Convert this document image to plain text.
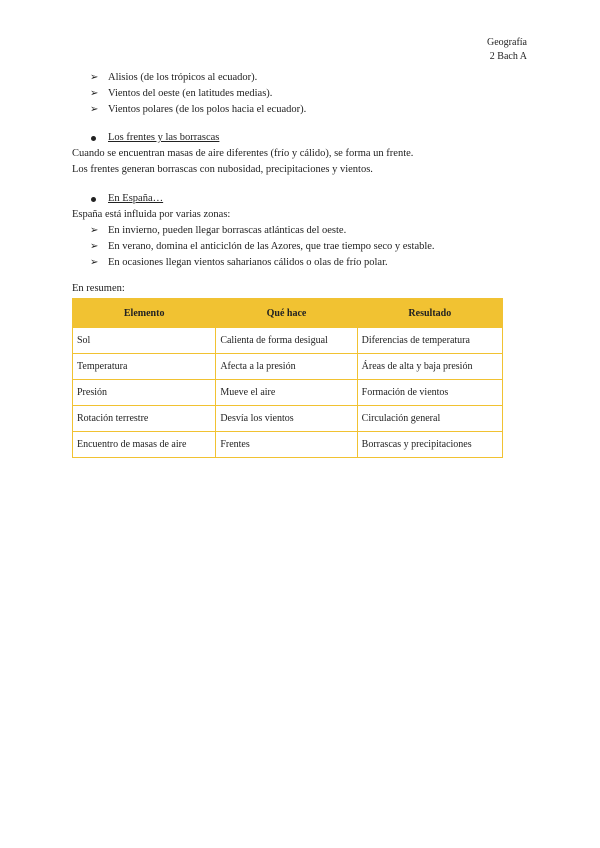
Geografía
2 Bach A
➢ Alisios (de los trópicos al ecuador).
➢ Vientos del oeste (en latitudes medias).
➢ Vientos polares (de los polos hacia el ecuador).
Los frentes y las borrascas

Cuando se encuentran masas de aire diferentes (frío y cálido), se forma un frente.

Los frentes generan borrascas con nubosidad, precipitaciones y vientos.

En España…

España está influida por varias zonas:

➢ En invierno, pueden llegar borrascas atlánticas del oeste.
➢ En verano, domina el anticiclón de las Azores, que trae tiempo seco y estable.
➢ En ocasiones llegan vientos saharianos cálidos o olas de frío polar.

En resumen:

Elemento	Qué hace	Resultado
Sol	Calienta de forma desigual	Diferencias de temperatura
Temperatura	Afecta a la presión	Áreas de alta y baja presión
Presión	Mueve el aire	Formación de vientos
Rotación terrestre	Desvía los vientos	Circulación general
Encuentro de masas de aire	Frentes	Borrascas y precipitaciones
